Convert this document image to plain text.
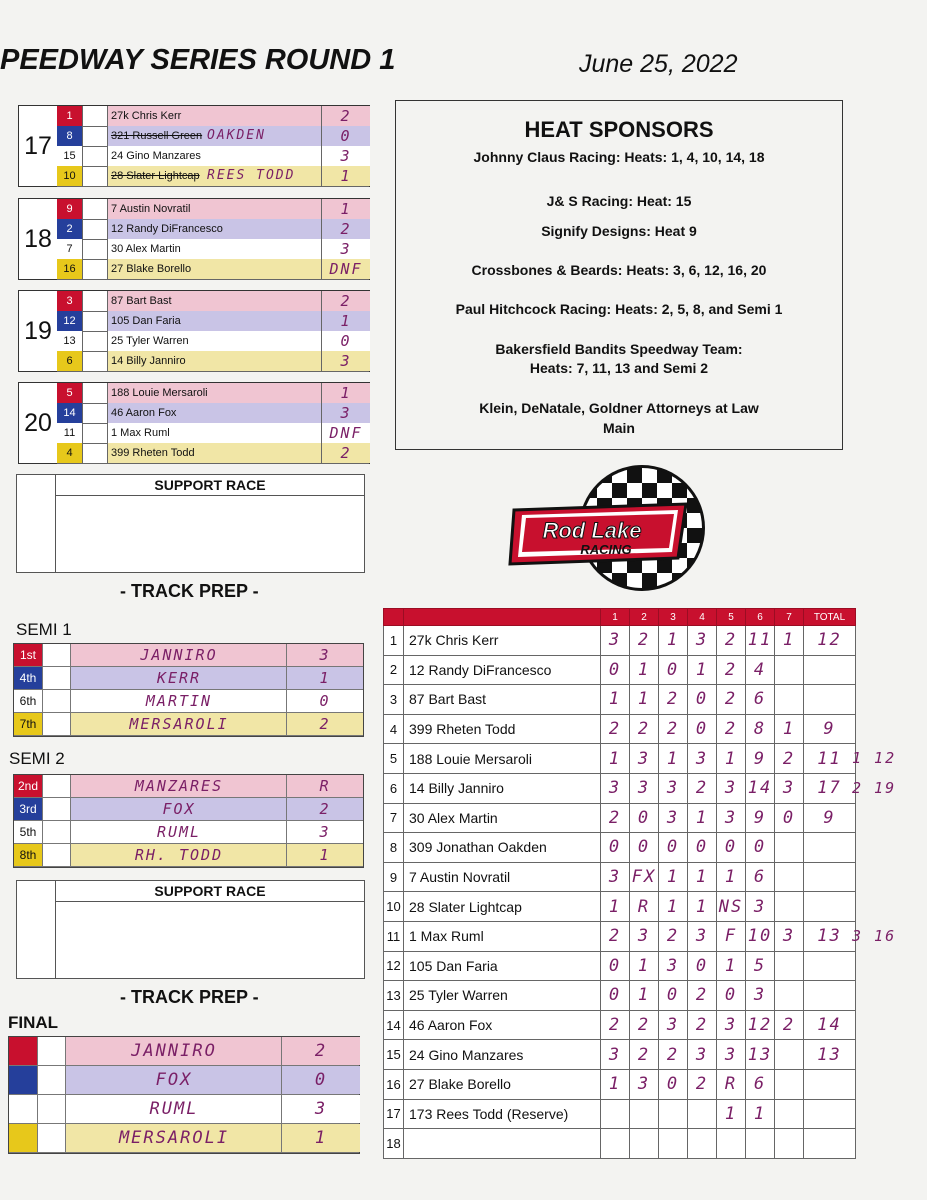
PEEDWAY SERIES ROUND 1	June 25, 2022
17
1	27k Chris Kerr	2
8	321 Russell Green OAKDEN	0
15	24 Gino Manzares	3
10	28 Slater Lightcap REES TODD	1
18
9	7 Austin Novratil	1
2	12 Randy DiFrancesco	2
7	30 Alex Martin	3
16	27 Blake Borello	DNF
19
3	87 Bart Bast	2
12	105 Dan Faria	1
13	25 Tyler Warren	0
6	14 Billy Janniro	3
20
5	188 Louie Mersaroli	1
14	46 Aaron Fox	3
11	1 Max Ruml	DNF
4	399 Rheten Todd	2
HEAT SPONSORS
Johnny Claus Racing: Heats: 1, 4, 10, 14, 18
J& S Racing: Heat: 15
Signify Designs: Heat 9
Crossbones & Beards: Heats: 3, 6, 12, 16, 20
Paul Hitchcock Racing: Heats: 2, 5, 8, and Semi 1
Bakersfield Bandits Speedway Team:
Heats: 7, 11, 13 and Semi 2
Klein, DeNatale, Goldner Attorneys at Law
Main
SUPPORT RACE
- TRACK PREP -
SEMI 1
1st	JANNIRO	3
4th	KERR	1
6th	MARTIN	0
7th	MERSAROLI	2
SEMI 2
2nd	MANZARES	R
3rd	FOX	2
5th	RUML	3
8th	RH. TODD	1
SUPPORT RACE
- TRACK PREP -
FINAL
JANNIRO	2
FOX	0
RUML	3
MERSAROLI	1
Rod Lake
RACING
		1	2	3	4	5	6	7	TOTAL
1	27k Chris Kerr	3	2	1	3	2	11	1	12
2	12 Randy DiFrancesco	0	1	0	1	2	4		
3	87 Bart Bast	1	1	2	0	2	6		
4	399 Rheten Todd	2	2	2	0	2	8	1	9
5	188 Louie Mersaroli	1	3	1	3	1	9	2	11
6	14 Billy Janniro	3	3	3	2	3	14	3	17
7	30 Alex Martin	2	0	3	1	3	9	0	9
8	309 Jonathan Oakden	0	0	0	0	0	0		
9	7 Austin Novratil	3	FX	1	1	1	6		
10	28 Slater Lightcap	1	R	1	1	NS	3		
11	1 Max Ruml	2	3	2	3	F	10	3	13
12	105 Dan Faria	0	1	3	0	1	5		
13	25 Tyler Warren	0	1	0	2	0	3		
14	46 Aaron Fox	2	2	3	2	3	12	2	14
15	24 Gino Manzares	3	2	2	3	3	13		13
16	27 Blake Borello	1	3	0	2	R	6		
17	173 Rees Todd (Reserve)					1	1		
18									
1 12
2 19
3 16
